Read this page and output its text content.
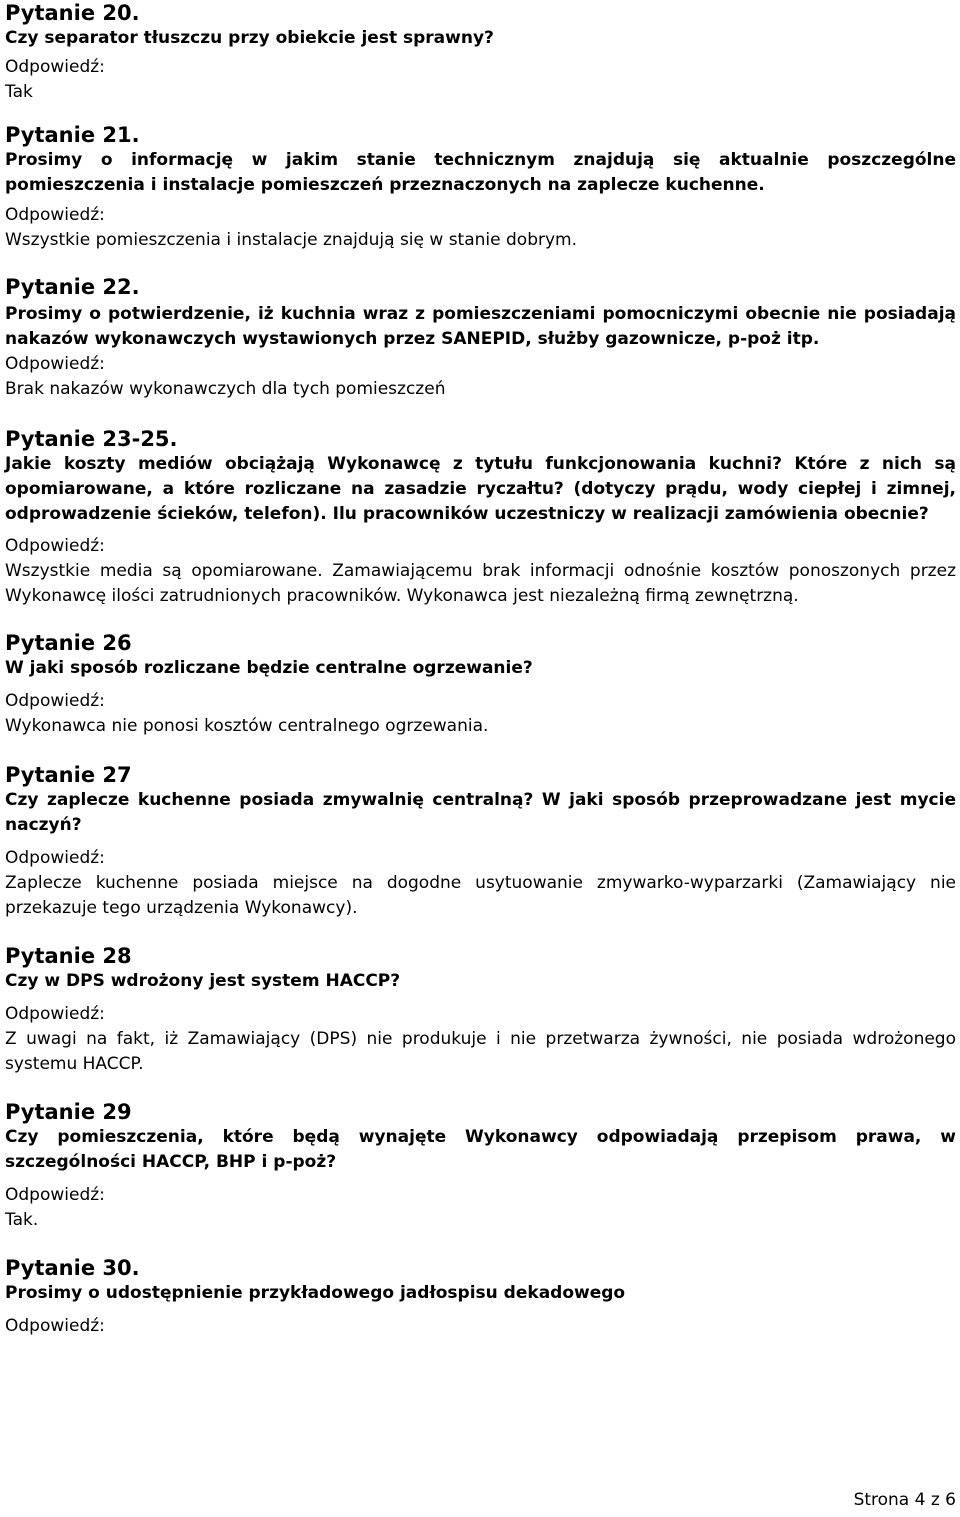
Pytanie 20.
Czy separator tłuszczu przy obiekcie jest sprawny?
Odpowiedź:
Tak
Pytanie 21.
Prosimy o informację w jakim stanie technicznym znajdują się aktualnie poszczególne pomieszczenia i instalacje pomieszczeń przeznaczonych na zaplecze kuchenne.
Odpowiedź:
Wszystkie pomieszczenia i instalacje znajdują się w stanie dobrym.
Pytanie 22.
Prosimy o potwierdzenie, iż kuchnia wraz z pomieszczeniami pomocniczymi obecnie nie posiadają nakazów wykonawczych wystawionych przez SANEPID, służby gazownicze, p-poż itp.
Odpowiedź:
Brak nakazów wykonawczych dla tych pomieszczeń
Pytanie 23-25.
Jakie koszty mediów obciążają Wykonawcę z tytułu funkcjonowania kuchni? Które z nich są opomiarowane, a które rozliczane na zasadzie ryczałtu? (dotyczy prądu, wody ciepłej i zimnej, odprowadzenie ścieków, telefon). Ilu pracowników uczestniczy w realizacji zamówienia obecnie?
Odpowiedź:
Wszystkie media są opomiarowane. Zamawiającemu brak informacji odnośnie kosztów ponoszonych przez Wykonawcę ilości zatrudnionych pracowników. Wykonawca jest niezależną firmą zewnętrzną.
Pytanie 26
W jaki sposób rozliczane będzie centralne ogrzewanie?
Odpowiedź:
Wykonawca nie ponosi kosztów centralnego ogrzewania.
Pytanie 27
Czy zaplecze kuchenne posiada zmywalnię centralną? W jaki sposób przeprowadzane jest mycie naczyń?
Odpowiedź:
Zaplecze kuchenne posiada miejsce na dogodne usytuowanie zmywarko-wyparzarki (Zamawiający nie przekazuje tego urządzenia Wykonawcy).
Pytanie 28
Czy w DPS wdrożony jest system HACCP?
Odpowiedź:
Z uwagi na fakt, iż Zamawiający (DPS) nie produkuje i nie przetwarza żywności, nie posiada wdrożonego systemu HACCP.
Pytanie 29
Czy pomieszczenia, które będą wynajęte Wykonawcy odpowiadają przepisom prawa, w szczególności HACCP, BHP i p-poż?
Odpowiedź:
Tak.
Pytanie 30.
Prosimy o udostępnienie przykładowego jadłospisu dekadowego
Odpowiedź:
Strona 4 z 6
